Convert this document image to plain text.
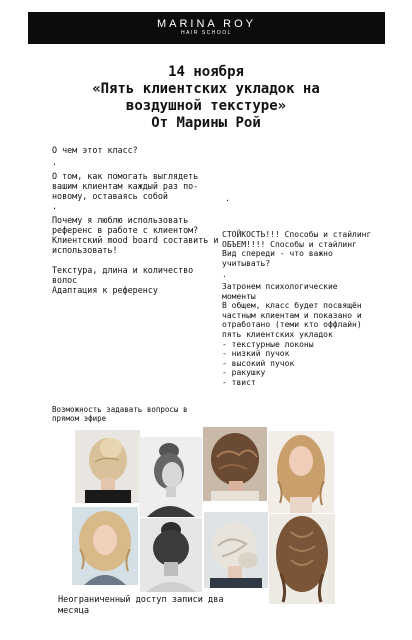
MARINA ROY
HAIR SCHOOL
14 ноября
«Пять клиентских укладок на
воздушной текстуре»
От Марины Рой
О чем этот класс?
.

О том, как помогать выглядеть вашим клиентам каждый раз по-новому, оставаясь собой

.

Почему я люблю использовать референс в работе с клиентом? Клиентский mood board составить и использовать!

Текстура, длина и количество волос

Адаптация к референсу
.
СТОЙКОСТЬ!!! Способы и стайлинг
ОБЪЕМ!!!! Способы и стайлинг
Вид спереди - что важно учитывать?
.
Затронем психологические моменты
В общем, класс будет посвящён частным клиентам и показано и отработано (теми кто оффлайн) пять клиентских укладок
- текстурные локоны
- низкий пучок
- высокий пучок
- ракушку
- твист
Возможность задавать вопросы в прямом эфире
Неограниченный доступ записи два месяца
